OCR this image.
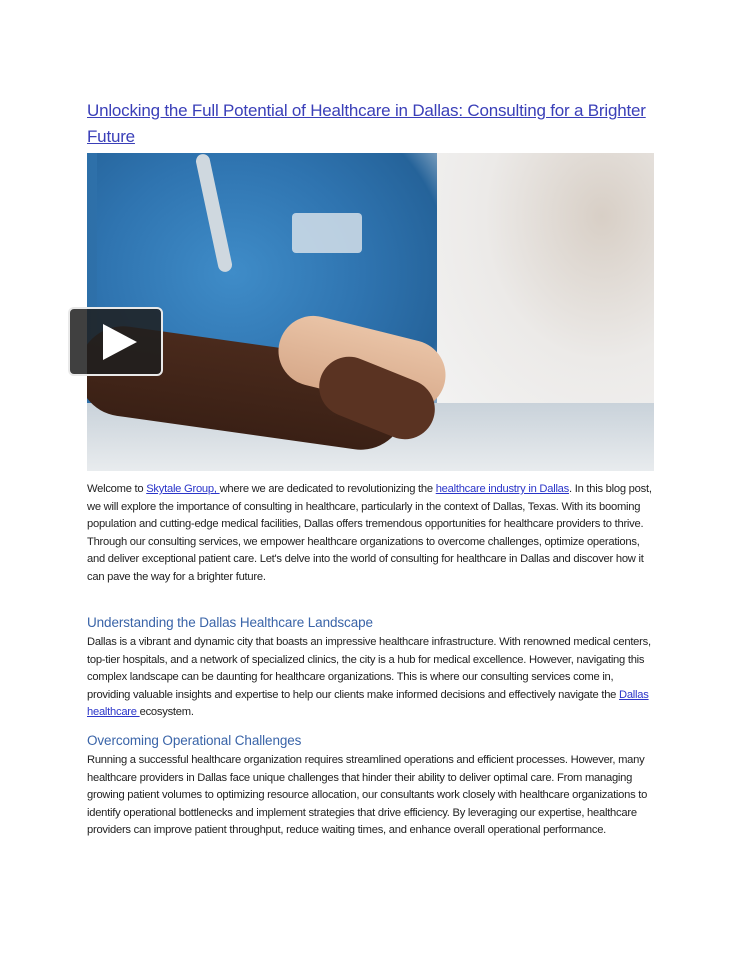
Unlocking the Full Potential of Healthcare in Dallas: Consulting for a Brighter Future

Welcome to Skytale Group, where we are dedicated to revolutionizing the healthcare industry in Dallas. In this blog post, we will explore the importance of consulting in healthcare, particularly in the context of Dallas, Texas. With its booming population and cutting-edge medical facilities, Dallas offers tremendous opportunities for healthcare providers to thrive. Through our consulting services, we empower healthcare organizations to overcome challenges, optimize operations, and deliver exceptional patient care. Let's delve into the world of consulting for healthcare in Dallas and discover how it can pave the way for a brighter future.

Understanding the Dallas Healthcare Landscape

Dallas is a vibrant and dynamic city that boasts an impressive healthcare infrastructure. With renowned medical centers, top-tier hospitals, and a network of specialized clinics, the city is a hub for medical excellence. However, navigating this complex landscape can be daunting for healthcare organizations. This is where our consulting services come in, providing valuable insights and expertise to help our clients make informed decisions and effectively navigate the Dallas healthcare ecosystem.

Overcoming Operational Challenges

Running a successful healthcare organization requires streamlined operations and efficient processes. However, many healthcare providers in Dallas face unique challenges that hinder their ability to deliver optimal care. From managing growing patient volumes to optimizing resource allocation, our consultants work closely with healthcare organizations to identify operational bottlenecks and implement strategies that drive efficiency. By leveraging our expertise, healthcare providers can improve patient throughput, reduce waiting times, and enhance overall operational performance.
